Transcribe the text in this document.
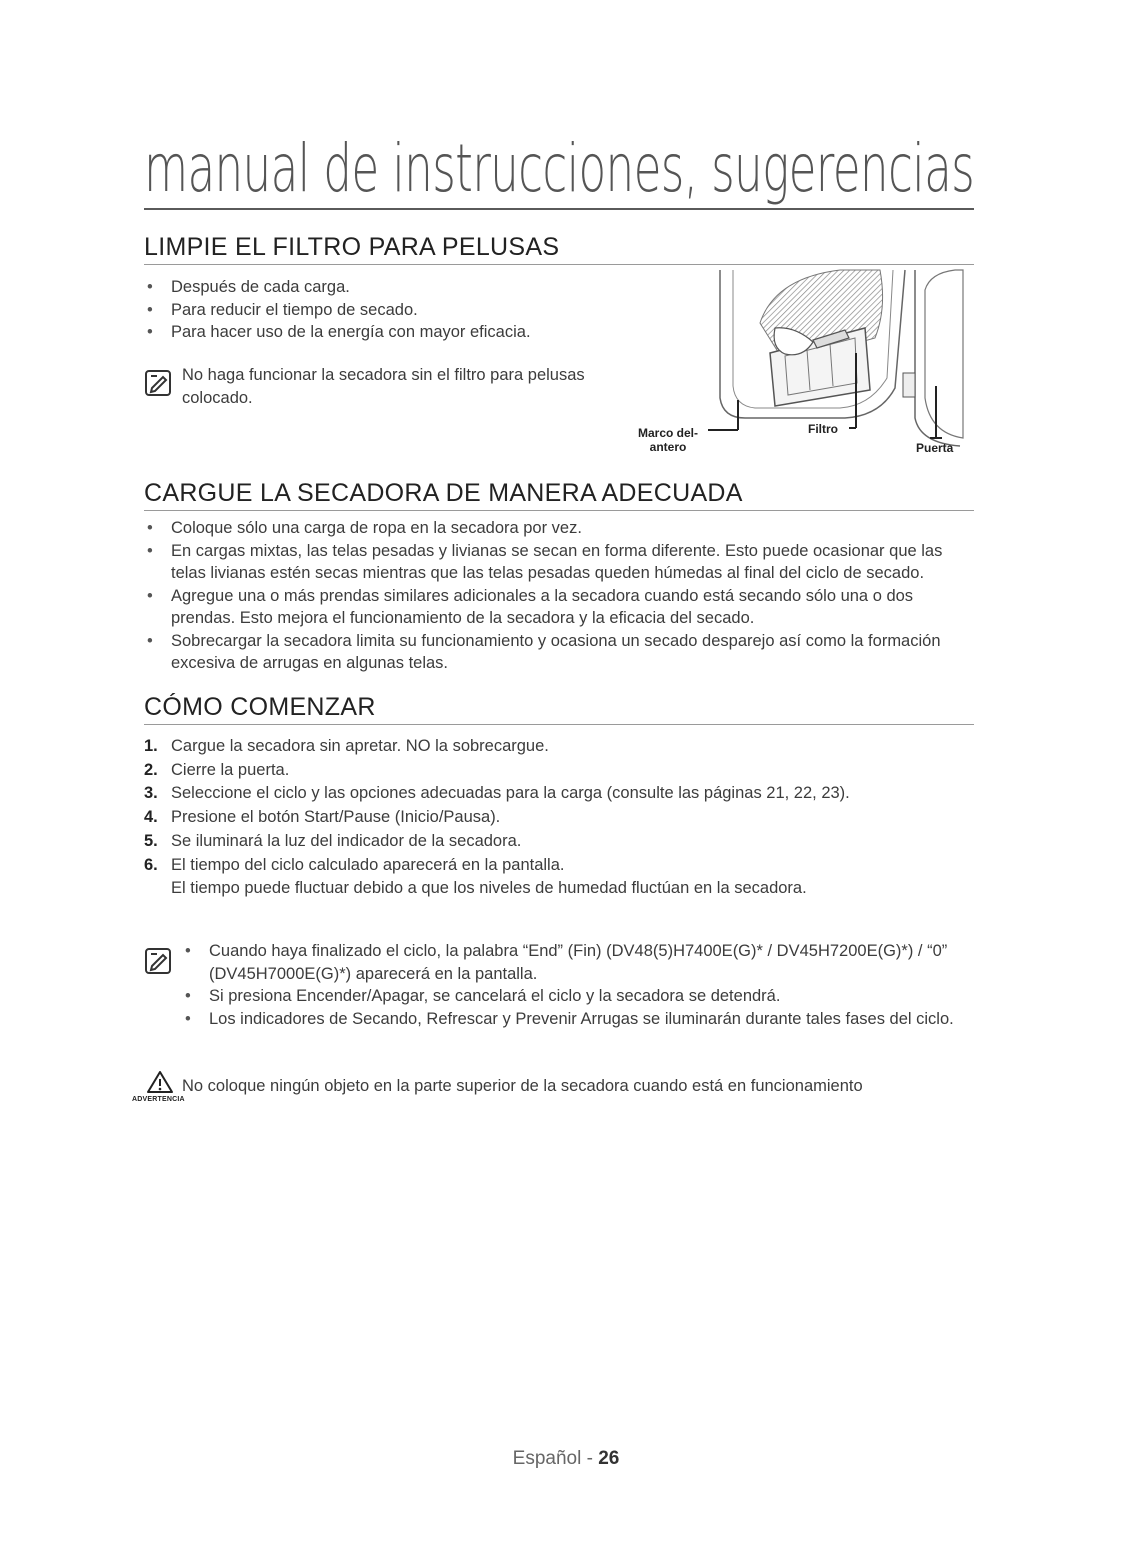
manual de instrucciones, sugerencias
LIMPIE EL FILTRO PARA PELUSAS
• Después de cada carga.
• Para reducir el tiempo de secado.
• Para hacer uso de la energía con mayor eficacia.
No haga funcionar la secadora sin el filtro para pelusas colocado.
Marco del-
antero
Filtro
Puerta
CARGUE LA SECADORA DE MANERA ADECUADA
• Coloque sólo una carga de ropa en la secadora por vez.
• En cargas mixtas, las telas pesadas y livianas se secan en forma diferente. Esto puede ocasionar que las telas livianas estén secas mientras que las telas pesadas queden húmedas al final del ciclo de secado.
• Agregue una o más prendas similares adicionales a la secadora cuando está secando sólo una o dos prendas. Esto mejora el funcionamiento de la secadora y la eficacia del secado.
• Sobrecargar la secadora limita su funcionamiento y ocasiona un secado desparejo así como la formación excesiva de arrugas en algunas telas.
CÓMO COMENZAR
1. Cargue la secadora sin apretar. NO la sobrecargue.
2. Cierre la puerta.
3. Seleccione el ciclo y las opciones adecuadas para la carga (consulte las páginas 21, 22, 23).
4. Presione el botón Start/Pause (Inicio/Pausa).
5. Se iluminará la luz del indicador de la secadora.
6. El tiempo del ciclo calculado aparecerá en la pantalla.
El tiempo puede fluctuar debido a que los niveles de humedad fluctúan en la secadora.
• Cuando haya finalizado el ciclo, la palabra “End” (Fin) (DV48(5)H7400E(G)* / DV45H7200E(G)*) / “0” (DV45H7000E(G)*) aparecerá en la pantalla.
• Si presiona Encender/Apagar, se cancelará el ciclo y la secadora se detendrá.
• Los indicadores de Secando, Refrescar y Prevenir Arrugas se iluminarán durante tales fases del ciclo.
ADVERTENCIA
No coloque ningún objeto en la parte superior de la secadora cuando está en funcionamiento
Español - 26
